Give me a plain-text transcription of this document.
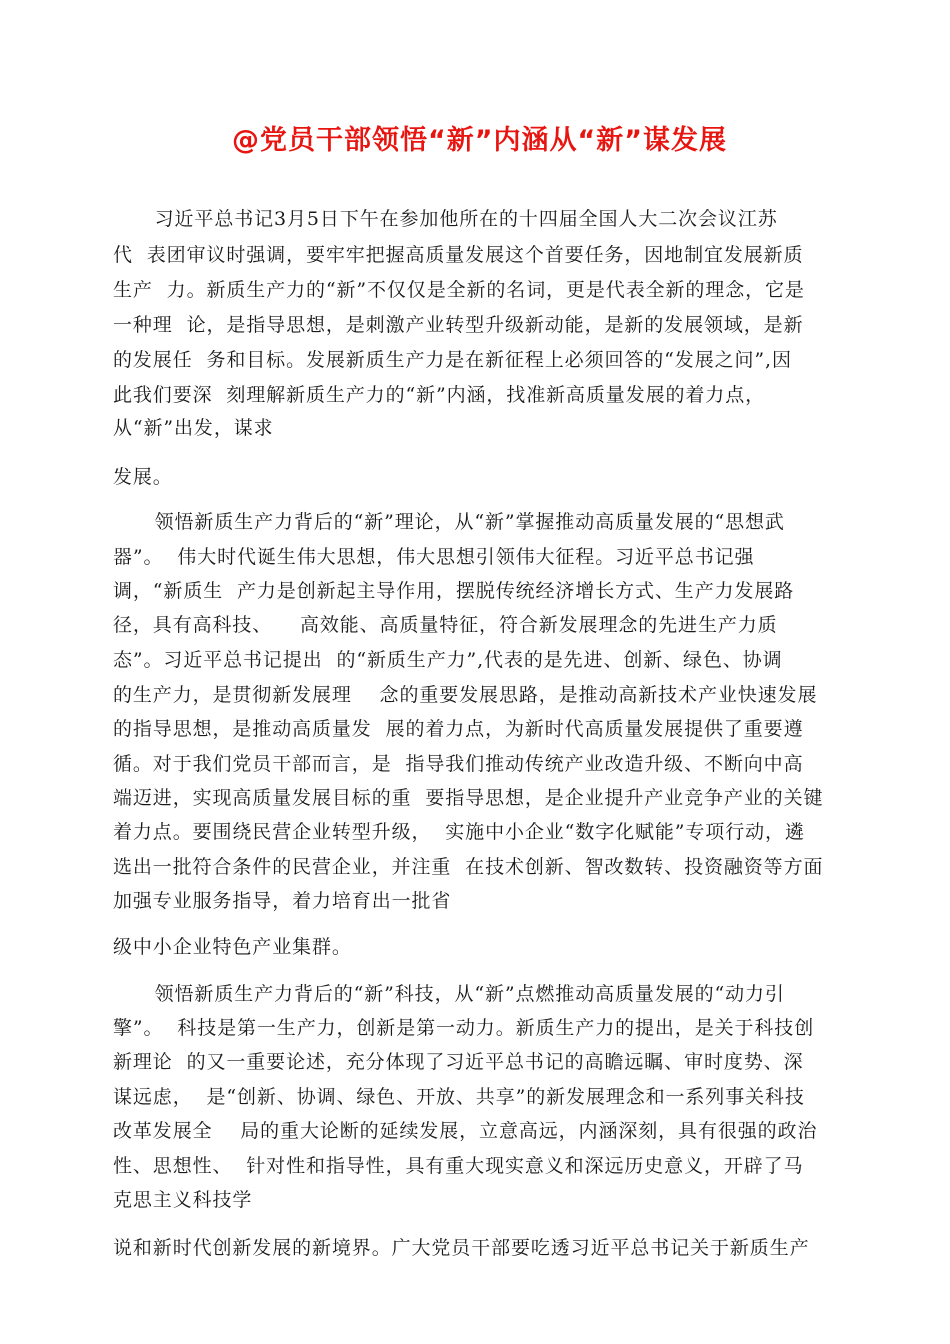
@党员干部领悟“新”内涵从“新”谋发展
习近平总书记3月5日下午在参加他所在的十四届全国人大二次会议江苏
代  表团审议时强调，要牢牢把握高质量发展这个首要任务，因地制宜发展新质
生产  力。新质生产力的“新”不仅仅是全新的名词，更是代表全新的理念，它是
一种理  论，是指导思想，是刺激产业转型升级新动能，是新的发展领域，是新
的发展任  务和目标。发展新质生产力是在新征程上必须回答的“发展之问”,因
此我们要深  刻理解新质生产力的“新”内涵，找准新高质量发展的着力点，
从“新”出发，谋求
发展。
领悟新质生产力背后的“新”理论，从“新”掌握推动高质量发展的“思想武
器”。  伟大时代诞生伟大思想，伟大思想引领伟大征程。习近平总书记强
调，“新质生  产力是创新起主导作用，摆脱传统经济增长方式、生产力发展路
径，具有高科技、    高效能、高质量特征，符合新发展理念的先进生产力质
态”。习近平总书记提出  的“新质生产力”,代表的是先进、创新、绿色、协调
的生产力，是贯彻新发展理    念的重要发展思路，是推动高新技术产业快速发展
的指导思想，是推动高质量发  展的着力点，为新时代高质量发展提供了重要遵
循。对于我们党员干部而言，是  指导我们推动传统产业改造升级、不断向中高
端迈进，实现高质量发展目标的重  要指导思想，是企业提升产业竞争产业的关键
着力点。要围绕民营企业转型升级，  实施中小企业“数字化赋能”专项行动，遴
选出一批符合条件的民营企业，并注重  在技术创新、智改数转、投资融资等方面
加强专业服务指导，着力培育出一批省
级中小企业特色产业集群。
领悟新质生产力背后的“新”科技，从“新”点燃推动高质量发展的“动力引
擎”。  科技是第一生产力，创新是第一动力。新质生产力的提出，是关于科技创
新理论  的又一重要论述，充分体现了习近平总书记的高瞻远瞩、审时度势、深
谋远虑，  是“创新、协调、绿色、开放、共享”的新发展理念和一系列事关科技
改革发展全    局的重大论断的延续发展，立意高远，内涵深刻，具有很强的政治
性、思想性、  针对性和指导性，具有重大现实意义和深远历史意义，开辟了马
克思主义科技学
说和新时代创新发展的新境界。广大党员干部要吃透习近平总书记关于新质生产
